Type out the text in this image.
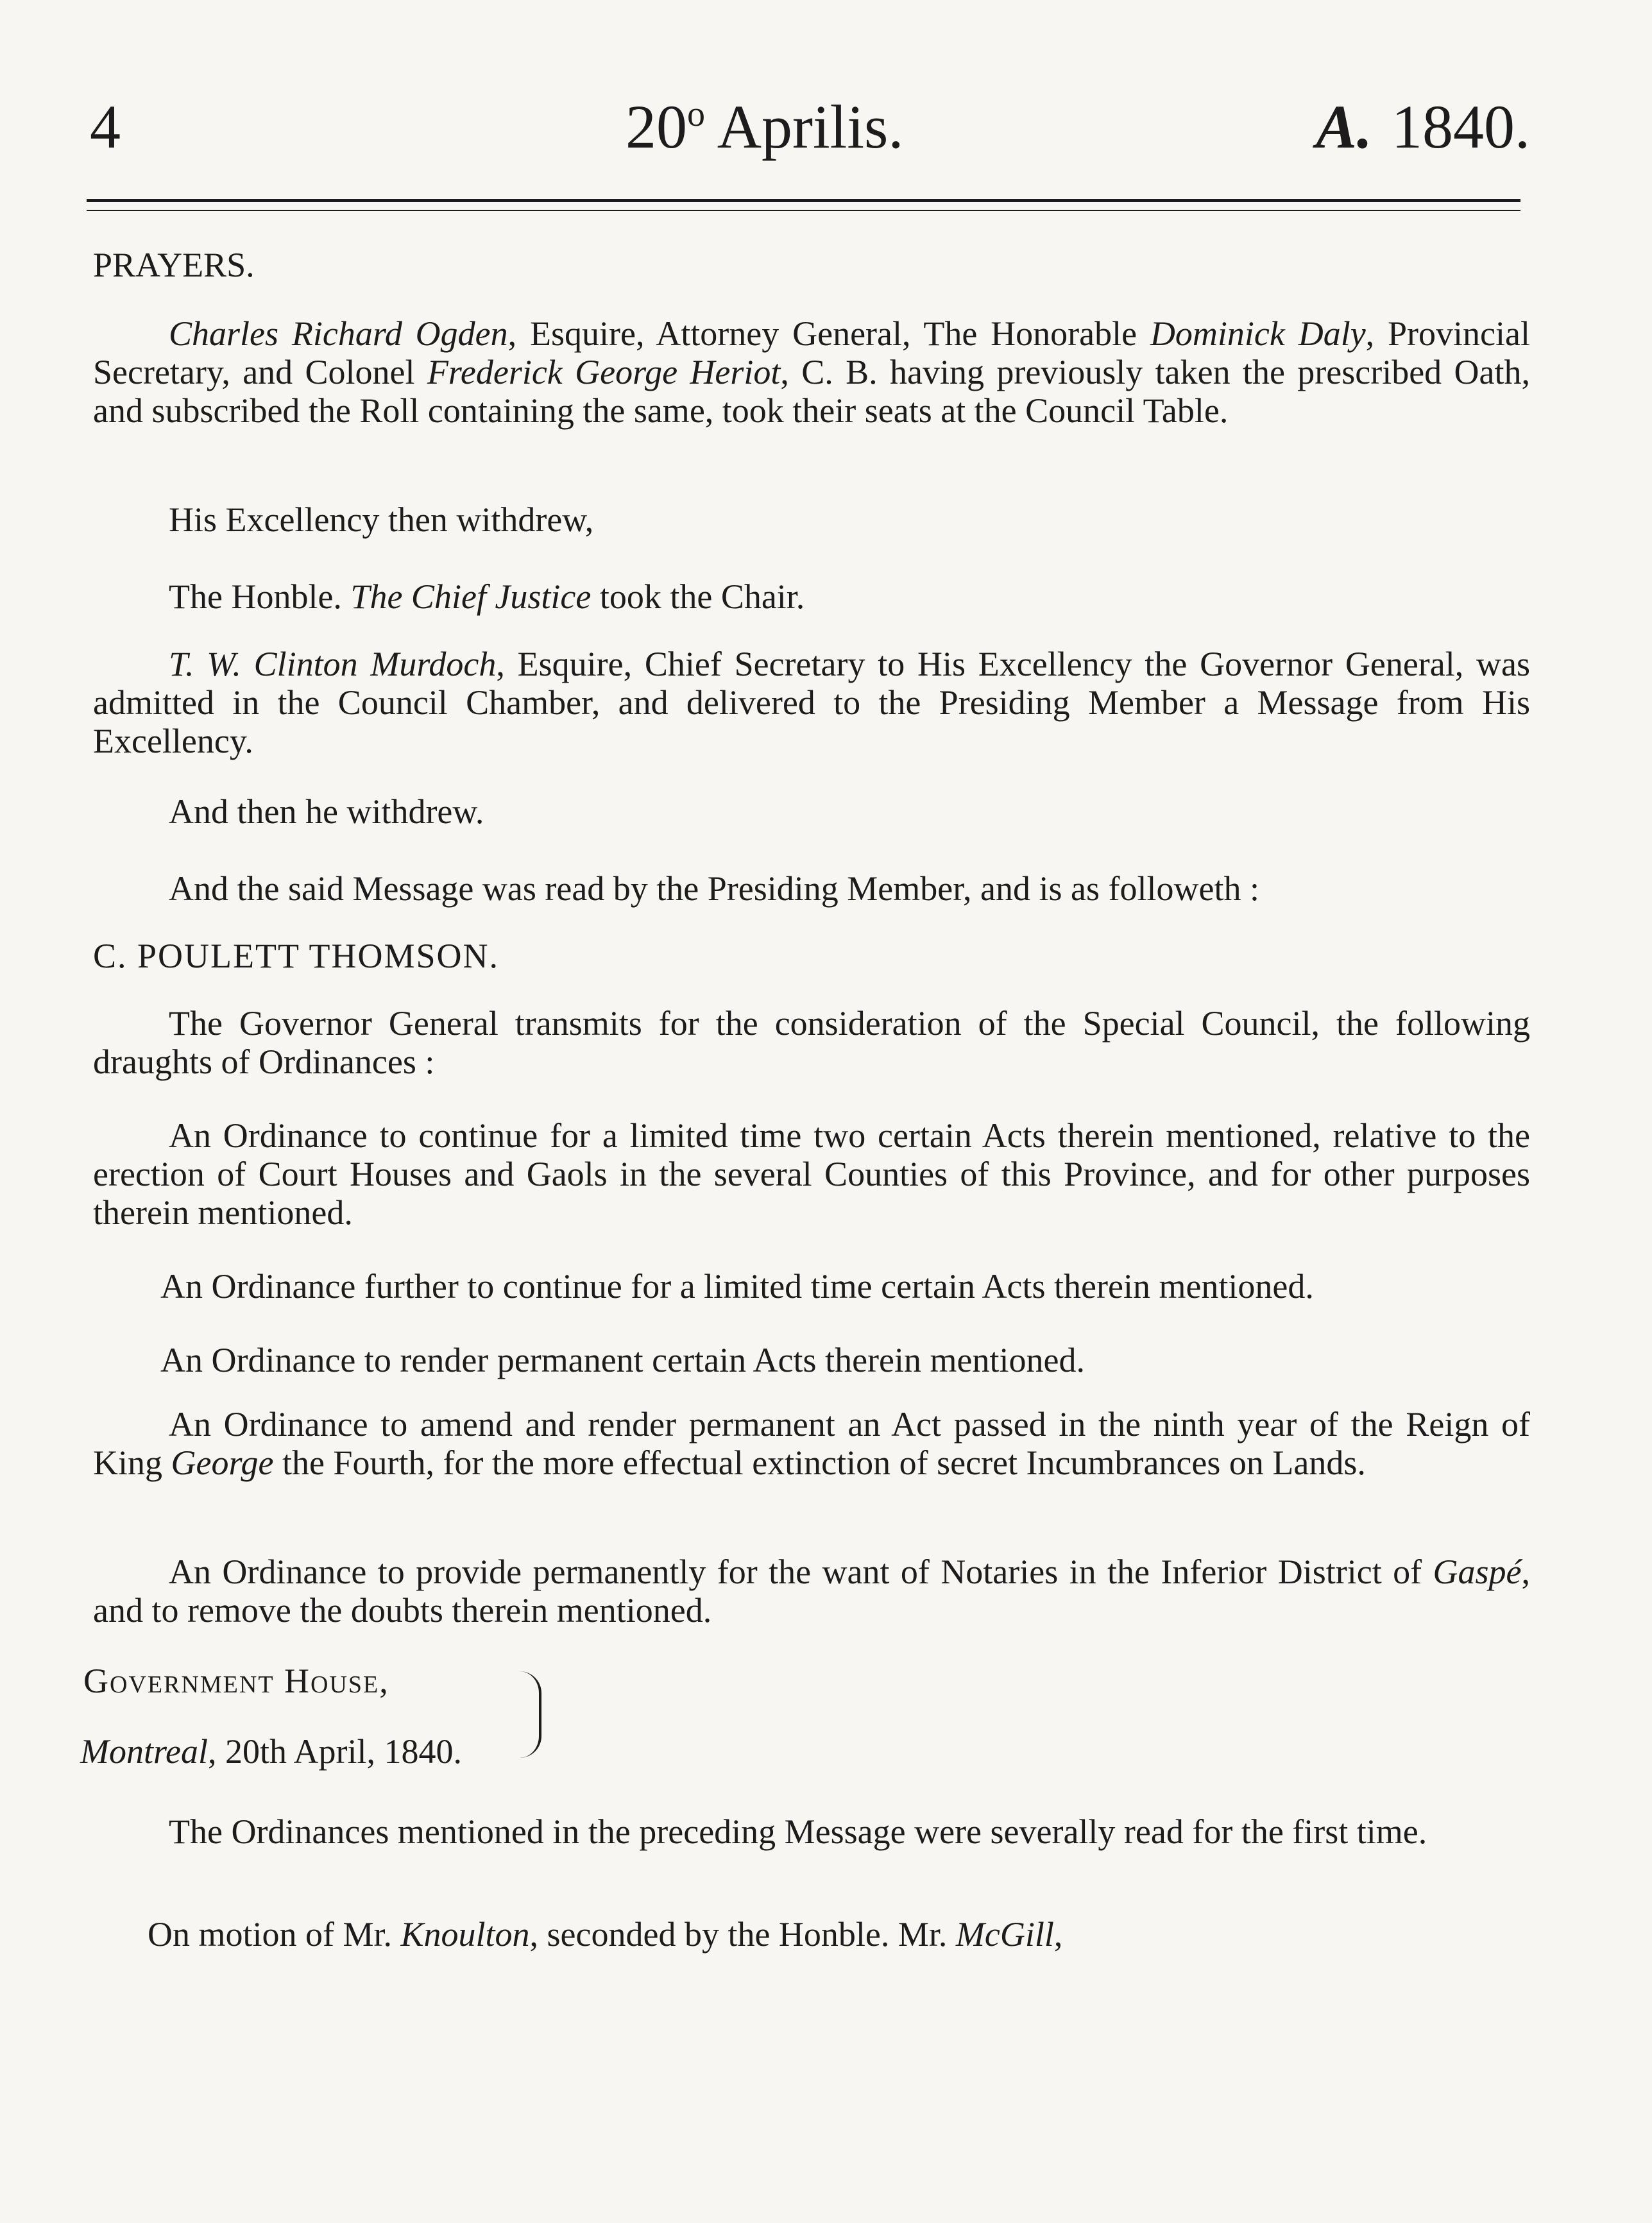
4	20$^o$ Aprilis.	A. 1840.
PRAYERS.
Charles Richard Ogden, Esquire, Attorney General, The Honorable Dominick Daly, Provincial Secretary, and Colonel Frederick George Heriot, C. B. having previously taken the prescribed Oath, and subscribed the Roll containing the same, took their seats at the Council Table.
His Excellency then withdrew,
The Honble. The Chief Justice took the Chair.
T. W. Clinton Murdoch, Esquire, Chief Secretary to His Excellency the Governor General, was admitted in the Council Chamber, and delivered to the Presiding Member a Message from His Excellency.
And then he withdrew.
And the said Message was read by the Presiding Member, and is as followeth :
C. POULETT THOMSON.
The Governor General transmits for the consideration of the Special Council, the following draughts of Ordinances :
An Ordinance to continue for a limited time two certain Acts therein mentioned, relative to the erection of Court Houses and Gaols in the several Counties of this Province, and for other purposes therein mentioned.
An Ordinance further to continue for a limited time certain Acts therein mentioned.
An Ordinance to render permanent certain Acts therein mentioned.
An Ordinance to amend and render permanent an Act passed in the ninth year of the Reign of King George the Fourth, for the more effectual extinction of secret Incumbrances on Lands.
An Ordinance to provide permanently for the want of Notaries in the Inferior District of Gaspé, and to remove the doubts therein mentioned.
Government House,
Montreal, 20th April, 1840.
The Ordinances mentioned in the preceding Message were severally read for the first time.
On motion of Mr. Knoulton, seconded by the Honble. Mr. McGill,
